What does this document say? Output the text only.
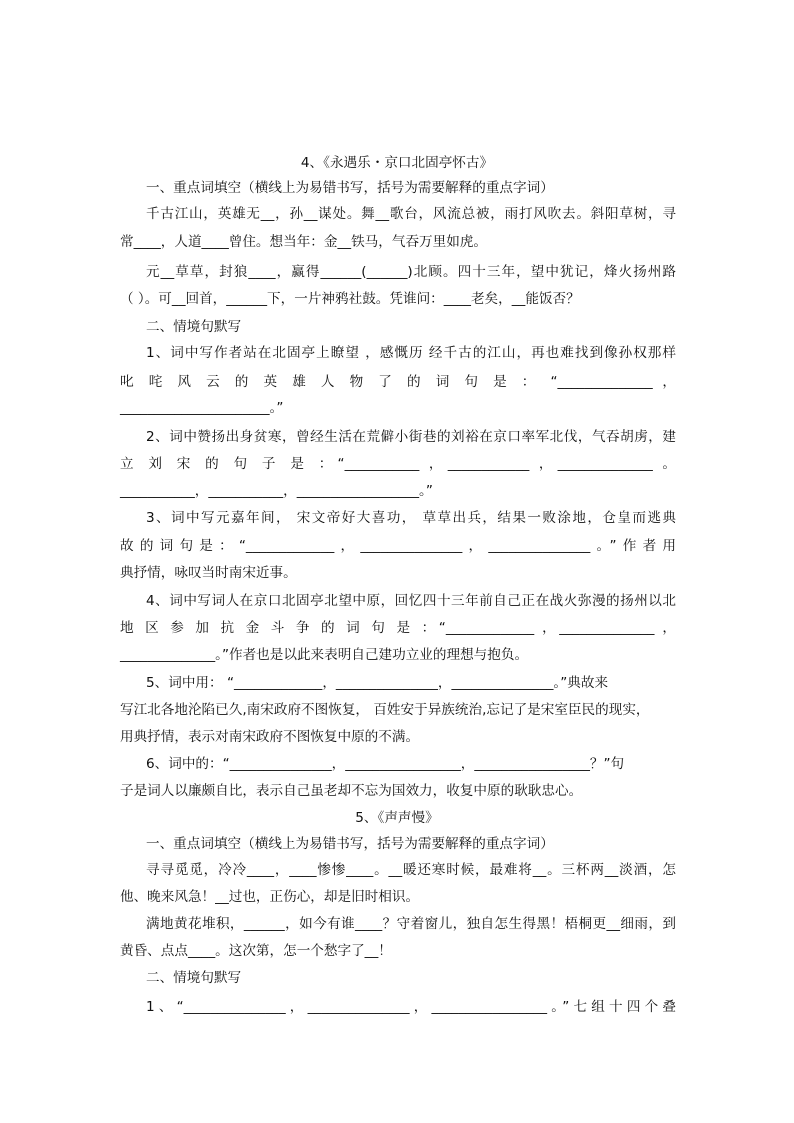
4、《永遇乐・京口北固亭怀古》
一、重点词填空（横线上为易错书写，括号为需要解释的重点字词）
千古江山，英雄无__，孙__谋处。舞__歌台，风流总被，雨打风吹去。斜阳草树，寻
常____，人道____曾住。想当年：金__铁马，气吞万里如虎。
元__草草，封狼____，赢得______(______)北顾。四十三年，望中犹记，烽火扬州路
（ ）。可__回首，______下，一片神鸦社鼓。凭谁问：____老矣，__能饭否？
二、情境句默写
1、词中写作者站在北固亭上瞭望 ，感慨历 经千古的江山，再也难找到像孙权那样
叱 咤 风 云 的 英 雄 人 物 了 的 词 句 是 ： “______________ ，
______________________。”
2、词中赞扬出身贫寒，曾经生活在荒僻小街巷的刘裕在京口率军北伐，气吞胡虏，建
立 刘 宋 的 句 子 是 ：“___________ ，____________ ，______________ 。
___________，___________，__________________。”
3、词中写元嘉年间， 宋文帝好大喜功， 草草出兵，结果一败涂地，仓皇而逃典
故的词句是：“_____________，_______________，_______________。”作者用
典抒情，咏叹当时南宋近事。
4、词中写词人在京口北固亭北望中原，回忆四十三年前自己正在战火弥漫的扬州以北
地 区 参 加 抗 金 斗 争 的 词 句 是 ：“_____________ ，______________ ，
______________。”作者也是以此来表明自己建功立业的理想与抱负。
5、词中用： “_____________，_______________，_______________。”典故来
写江北各地沦陷已久,南宋政府不图恢复， 百姓安于异族统治,忘记了是宋室臣民的现实，
用典抒情，表示对南宋政府不图恢复中原的不满。
6、词中的：“_______________，_________________，_________________？”句
子是词人以廉颇自比，表示自己虽老却不忘为国效力，收复中原的耿耿忠心。
5、《声声慢》
一、重点词填空（横线上为易错书写，括号为需要解释的重点字词）
寻寻觅觅，冷冷____，____惨惨____。__暖还寒时候，最难将__。三杯两__淡酒，怎
他、晚来风急！__过也，正伤心，却是旧时相识。
满地黄花堆积，______，如今有谁____？守着窗儿，独自怎生得黑！梧桐更__细雨，到
黄昏、点点____。这次第，怎一个愁字了__！
二、情境句默写
1、“_______________，_______________，_________________。”七组十四个叠
